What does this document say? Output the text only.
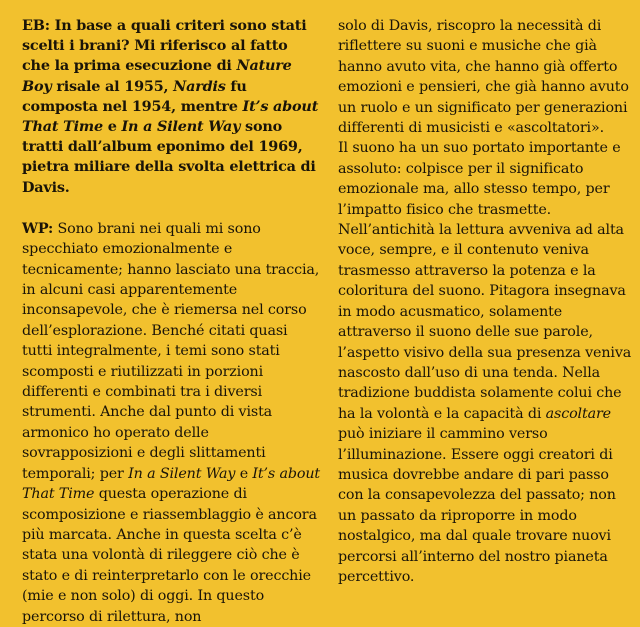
EB: In base a quali criteri sono stati scelti i brani? Mi riferisco al fatto che la prima esecuzione di Nature Boy risale al 1955, Nardis fu composta nel 1954, mentre It’s about That Time e In a Silent Way sono tratti dall’album eponimo del 1969, pietra miliare della svolta elettrica di Davis.

WP: Sono brani nei quali mi sono specchiato emozionalmente e tecnicamente; hanno lasciato una traccia, in alcuni casi apparentemente inconsapevole, che è riemersa nel corso dell’esplorazione. Benché citati quasi tutti integralmente, i temi sono stati scomposti e riutilizzati in porzioni differenti e combinati tra i diversi strumenti. Anche dal punto di vista armonico ho operato delle sovrapposizioni e degli slittamenti temporali; per In a Silent Way e It’s about That Time questa operazione di scomposizione e riassemblaggio è ancora più marcata. Anche in questa scelta c’è stata una volontà di rileggere ciò che è stato e di reinterpretarlo con le orecchie (mie e non solo) di oggi. In questo percorso di rilettura, non

solo di Davis, riscopro la necessità di riflettere su suoni e musiche che già hanno avuto vita, che hanno già offerto emozioni e pensieri, che già hanno avuto un ruolo e un significato per generazioni differenti di musicisti e «ascoltatori».

Il suono ha un suo portato importante e assoluto: colpisce per il significato emozionale ma, allo stesso tempo, per l’impatto fisico che trasmette. Nell’antichità la lettura avveniva ad alta voce, sempre, e il contenuto veniva trasmesso attraverso la potenza e la coloritura del suono. Pitagora insegnava in modo acusmatico, solamente attraverso il suono delle sue parole, l’aspetto visivo della sua presenza veniva nascosto dall’uso di una tenda. Nella tradizione buddista solamente colui che ha la volontà e la capacità di ascoltare può iniziare il cammino verso l’illuminazione. Essere oggi creatori di musica dovrebbe andare di pari passo con la consapevolezza del passato; non un passato da riproporre in modo nostalgico, ma dal quale trovare nuovi percorsi all’interno del nostro pianeta percettivo.
